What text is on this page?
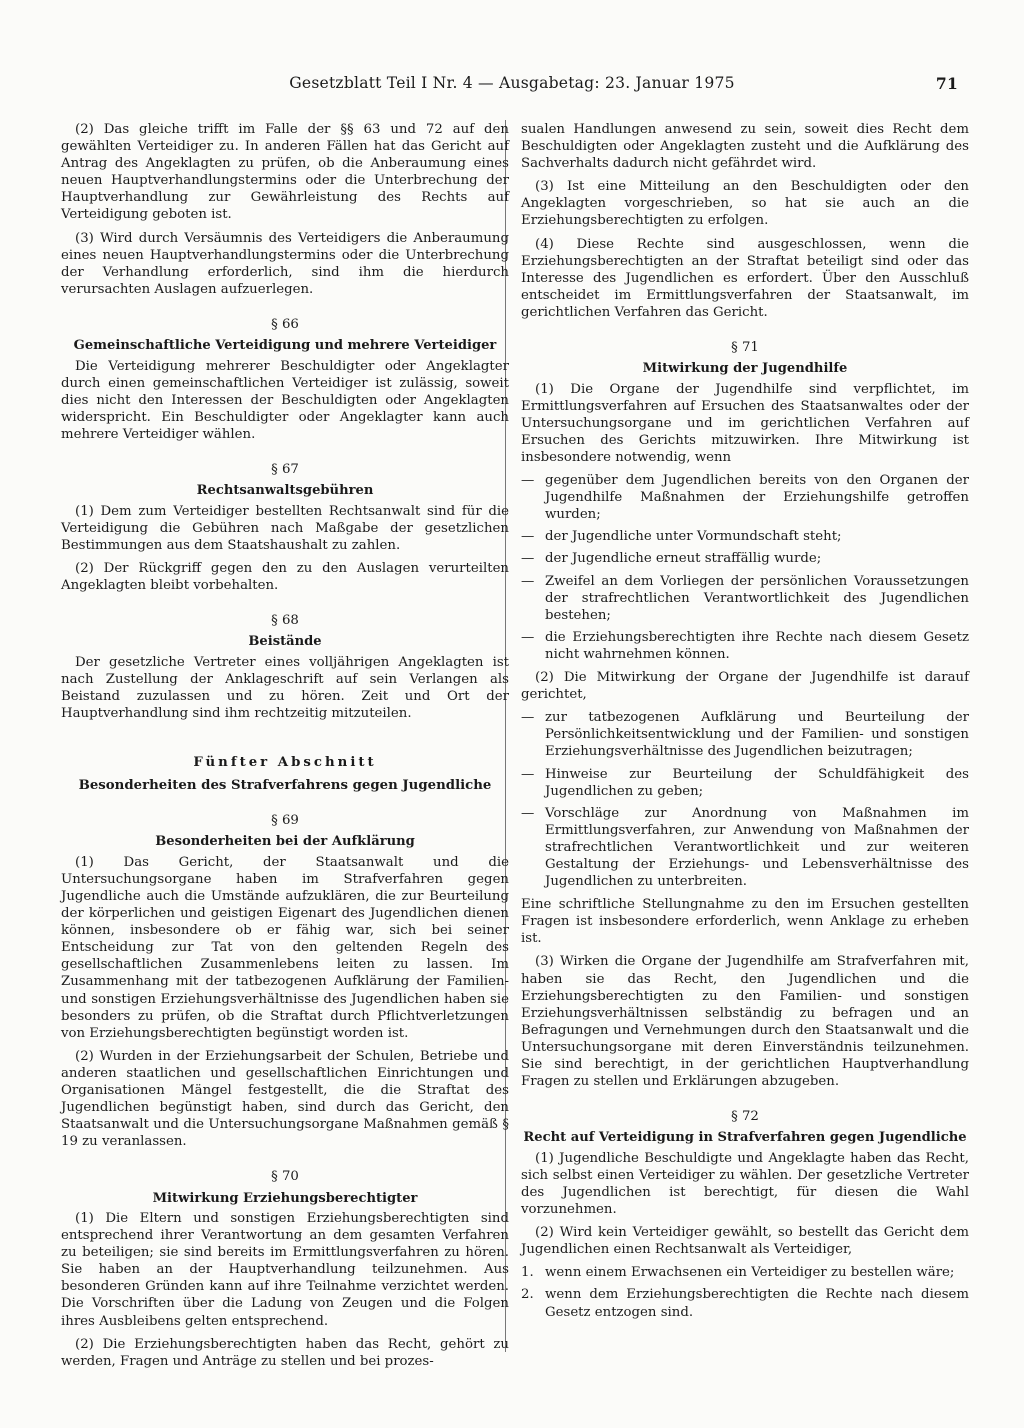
Gesetzblatt Teil I Nr. 4 — Ausgabetag: 23. Januar 1975	71

(2) Das gleiche trifft im Falle der §§ 63 und 72 auf den gewählten Verteidiger zu. In anderen Fällen hat das Gericht auf Antrag des Angeklagten zu prüfen, ob die Anberaumung eines neuen Hauptverhandlungstermins oder die Unterbrechung der Hauptverhandlung zur Gewährleistung des Rechts auf Verteidigung geboten ist.

(3) Wird durch Versäumnis des Verteidigers die Anberaumung eines neuen Hauptverhandlungstermins oder die Unterbrechung der Verhandlung erforderlich, sind ihm die hierdurch verursachten Auslagen aufzuerlegen.

§ 66
Gemeinschaftliche Verteidigung und mehrere Verteidiger

Die Verteidigung mehrerer Beschuldigter oder Angeklagter durch einen gemeinschaftlichen Verteidiger ist zulässig, soweit dies nicht den Interessen der Beschuldigten oder Angeklagten widerspricht. Ein Beschuldigter oder Angeklagter kann auch mehrere Verteidiger wählen.

§ 67
Rechtsanwaltsgebühren

(1) Dem zum Verteidiger bestellten Rechtsanwalt sind für die Verteidigung die Gebühren nach Maßgabe der gesetzlichen Bestimmungen aus dem Staatshaushalt zu zahlen.

(2) Der Rückgriff gegen den zu den Auslagen verurteilten Angeklagten bleibt vorbehalten.

§ 68
Beistände

Der gesetzliche Vertreter eines volljährigen Angeklagten ist nach Zustellung der Anklageschrift auf sein Verlangen als Beistand zuzulassen und zu hören. Zeit und Ort der Hauptverhandlung sind ihm rechtzeitig mitzuteilen.

Fünfter Abschnitt
Besonderheiten des Strafverfahrens gegen Jugendliche
§ 69
Besonderheiten bei der Aufklärung

(1) Das Gericht, der Staatsanwalt und die Untersuchungsorgane haben im Strafverfahren gegen Jugendliche auch die Umstände aufzuklären, die zur Beurteilung der körperlichen und geistigen Eigenart des Jugendlichen dienen können, insbesondere ob er fähig war, sich bei seiner Entscheidung zur Tat von den geltenden Regeln des gesellschaftlichen Zusammenlebens leiten zu lassen. Im Zusammenhang mit der tatbezogenen Aufklärung der Familien- und sonstigen Erziehungsverhältnisse des Jugendlichen haben sie besonders zu prüfen, ob die Straftat durch Pflichtverletzungen von Erziehungsberechtigten begünstigt worden ist.

(2) Wurden in der Erziehungsarbeit der Schulen, Betriebe und anderen staatlichen und gesellschaftlichen Einrichtungen und Organisationen Mängel festgestellt, die die Straftat des Jugendlichen begünstigt haben, sind durch das Gericht, den Staatsanwalt und die Untersuchungsorgane Maßnahmen gemäß § 19 zu veranlassen.

§ 70
Mitwirkung Erziehungsberechtigter

(1) Die Eltern und sonstigen Erziehungsberechtigten sind entsprechend ihrer Verantwortung an dem gesamten Verfahren zu beteiligen; sie sind bereits im Ermittlungsverfahren zu hören. Sie haben an der Hauptverhandlung teilzunehmen. Aus besonderen Gründen kann auf ihre Teilnahme verzichtet werden. Die Vorschriften über die Ladung von Zeugen und die Folgen ihres Ausbleibens gelten entsprechend.

(2) Die Erziehungsberechtigten haben das Recht, gehört zu werden, Fragen und Anträge zu stellen und bei prozes-

sualen Handlungen anwesend zu sein, soweit dies Recht dem Beschuldigten oder Angeklagten zusteht und die Aufklärung des Sachverhalts dadurch nicht gefährdet wird.

(3) Ist eine Mitteilung an den Beschuldigten oder den Angeklagten vorgeschrieben, so hat sie auch an die Erziehungsberechtigten zu erfolgen.

(4) Diese Rechte sind ausgeschlossen, wenn die Erziehungsberechtigten an der Straftat beteiligt sind oder das Interesse des Jugendlichen es erfordert. Über den Ausschluß entscheidet im Ermittlungsverfahren der Staatsanwalt, im gerichtlichen Verfahren das Gericht.

§ 71
Mitwirkung der Jugendhilfe

(1) Die Organe der Jugendhilfe sind verpflichtet, im Ermittlungsverfahren auf Ersuchen des Staatsanwaltes oder der Untersuchungsorgane und im gerichtlichen Verfahren auf Ersuchen des Gerichts mitzuwirken. Ihre Mitwirkung ist insbesondere notwendig, wenn

— gegenüber dem Jugendlichen bereits von den Organen der Jugendhilfe Maßnahmen der Erziehungshilfe getroffen wurden;
— der Jugendliche unter Vormundschaft steht;
— der Jugendliche erneut straffällig wurde;
— Zweifel an dem Vorliegen der persönlichen Voraussetzungen der strafrechtlichen Verantwortlichkeit des Jugendlichen bestehen;
— die Erziehungsberechtigten ihre Rechte nach diesem Gesetz nicht wahrnehmen können.

(2) Die Mitwirkung der Organe der Jugendhilfe ist darauf gerichtet,

— zur tatbezogenen Aufklärung und Beurteilung der Persönlichkeitsentwicklung und der Familien- und sonstigen Erziehungsverhältnisse des Jugendlichen beizutragen;
— Hinweise zur Beurteilung der Schuldfähigkeit des Jugendlichen zu geben;
— Vorschläge zur Anordnung von Maßnahmen im Ermittlungsverfahren, zur Anwendung von Maßnahmen der strafrechtlichen Verantwortlichkeit und zur weiteren Gestaltung der Erziehungs- und Lebensverhältnisse des Jugendlichen zu unterbreiten.

Eine schriftliche Stellungnahme zu den im Ersuchen gestellten Fragen ist insbesondere erforderlich, wenn Anklage zu erheben ist.

(3) Wirken die Organe der Jugendhilfe am Strafverfahren mit, haben sie das Recht, den Jugendlichen und die Erziehungsberechtigten zu den Familien- und sonstigen Erziehungsverhältnissen selbständig zu befragen und an Befragungen und Vernehmungen durch den Staatsanwalt und die Untersuchungsorgane mit deren Einverständnis teilzunehmen. Sie sind berechtigt, in der gerichtlichen Hauptverhandlung Fragen zu stellen und Erklärungen abzugeben.

§ 72
Recht auf Verteidigung in Strafverfahren gegen Jugendliche

(1) Jugendliche Beschuldigte und Angeklagte haben das Recht, sich selbst einen Verteidiger zu wählen. Der gesetzliche Vertreter des Jugendlichen ist berechtigt, für diesen die Wahl vorzunehmen.

(2) Wird kein Verteidiger gewählt, so bestellt das Gericht dem Jugendlichen einen Rechtsanwalt als Verteidiger,

1. wenn einem Erwachsenen ein Verteidiger zu bestellen wäre;
2. wenn dem Erziehungsberechtigten die Rechte nach diesem Gesetz entzogen sind.
